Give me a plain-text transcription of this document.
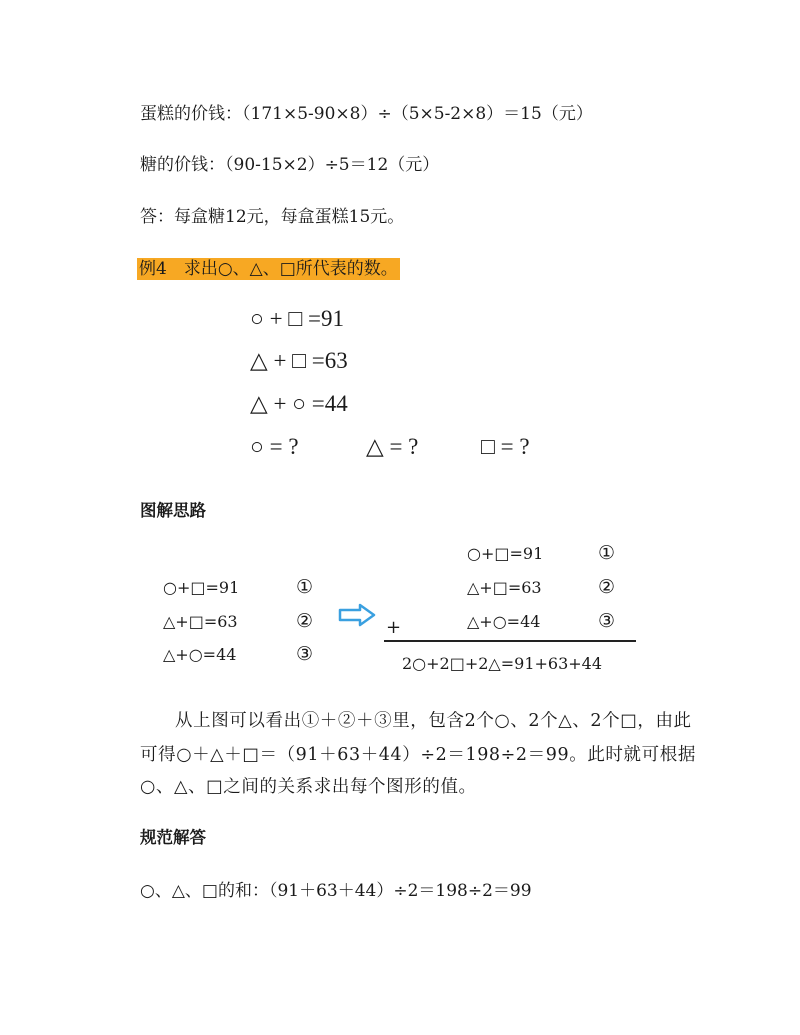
蛋糕的价钱：（171×5-90×8）÷（5×5-2×8）＝15（元）
糖的价钱：（90-15×2）÷5＝12（元）
答：每盒糖12元，每盒蛋糕15元。
例4　求出○、△、□所代表的数。
○ + □ =91
△ + □ =63
△ + ○ =44
○ = ?	△ = ?	□ = ?
图解思路
○+□=91	①
△+□=63	②
△+○=44	③
○+□=91	①
△+□=63	②
△+○=44	③
+
2○+2□+2△=91+63+44
从上图可以看出①＋②＋③里，包含2个○、2个△、2个□，由此
可得○＋△＋□＝（91＋63＋44）÷2＝198÷2＝99。此时就可根据
○、△、□之间的关系求出每个图形的值。
规范解答
○、△、□的和：（91＋63＋44）÷2＝198÷2＝99
